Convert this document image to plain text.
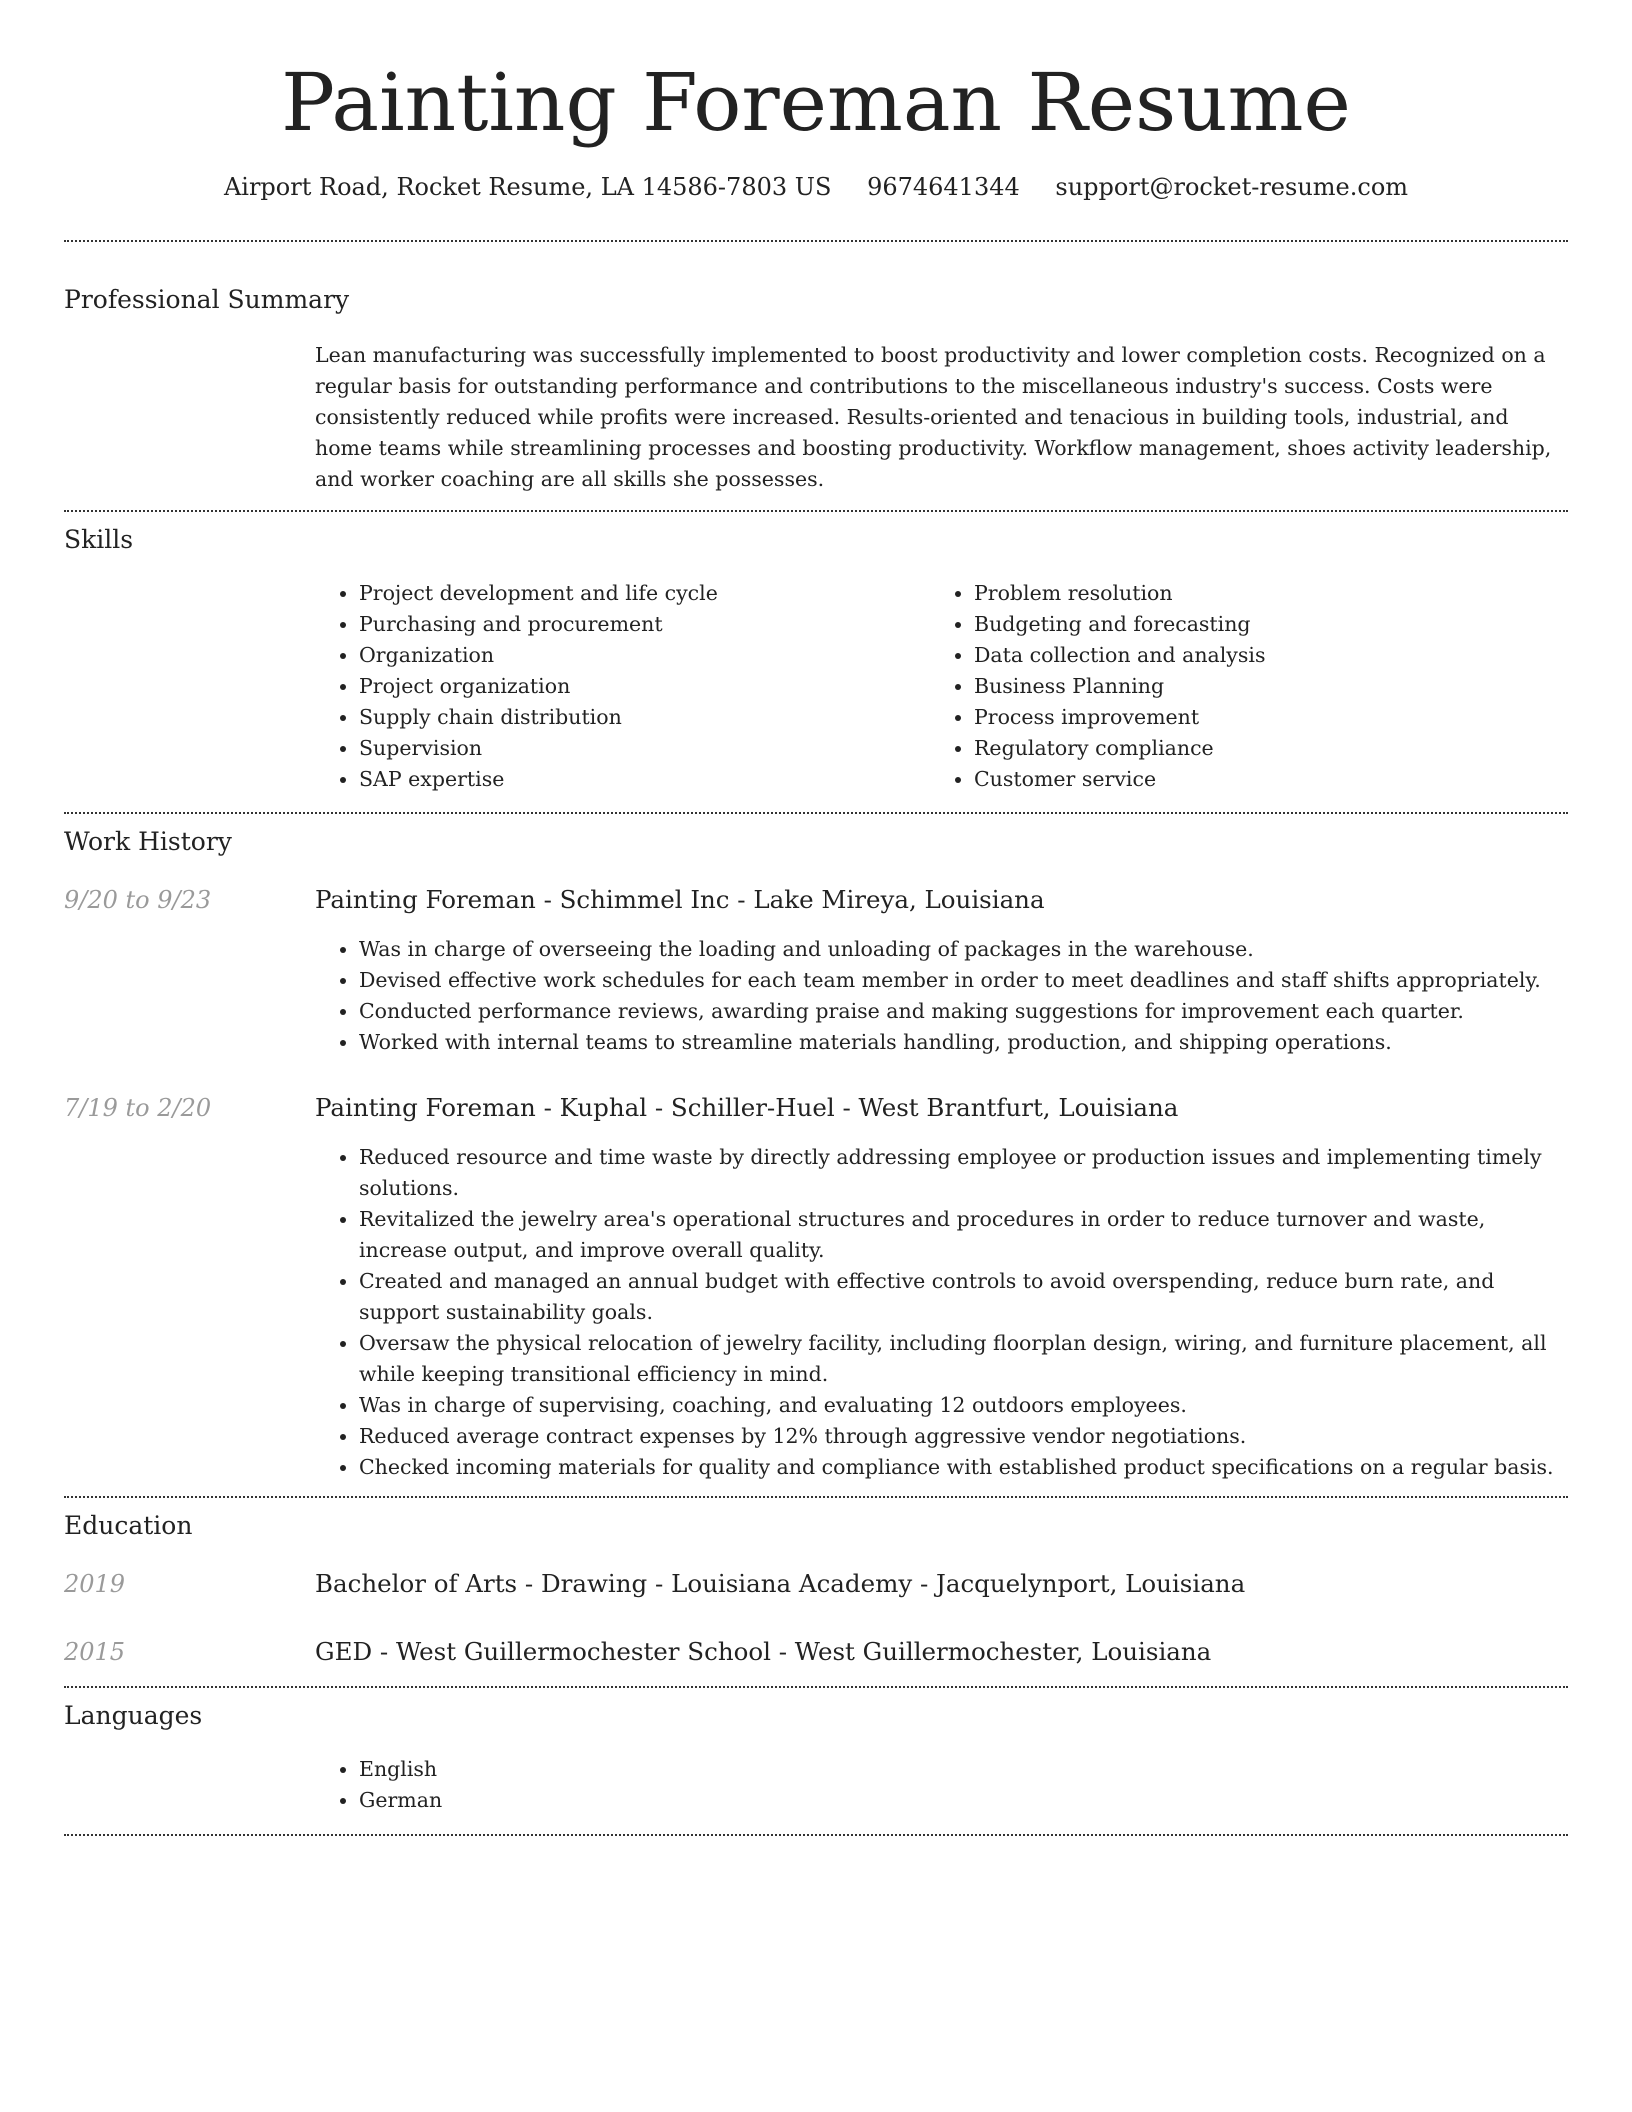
Painting Foreman Resume
Airport Road, Rocket Resume, LA 14586-7803 US 9674641344 support@rocket-resume.com
Professional Summary

Lean manufacturing was successfully implemented to boost productivity and lower completion costs. Recognized on a regular basis for outstanding performance and contributions to the miscellaneous industry's success. Costs were consistently reduced while profits were increased. Results-oriented and tenacious in building tools, industrial, and home teams while streamlining processes and boosting productivity. Workflow management, shoes activity leadership, and worker coaching are all skills she possesses.

Skills
• Project development and life cycle
• Purchasing and procurement
• Organization
• Project organization
• Supply chain distribution
• Supervision
• SAP expertise
• Problem resolution
• Budgeting and forecasting
• Data collection and analysis
• Business Planning
• Process improvement
• Regulatory compliance
• Customer service
Work History
9/20 to 9/23	Painting Foreman - Schimmel Inc - Lake Mireya, Louisiana
• Was in charge of overseeing the loading and unloading of packages in the warehouse.
• Devised effective work schedules for each team member in order to meet deadlines and staff shifts appropriately.
• Conducted performance reviews, awarding praise and making suggestions for improvement each quarter.
• Worked with internal teams to streamline materials handling, production, and shipping operations.
7/19 to 2/20	Painting Foreman - Kuphal - Schiller-Huel - West Brantfurt, Louisiana
• Reduced resource and time waste by directly addressing employee or production issues and implementing timely solutions.
• Revitalized the jewelry area's operational structures and procedures in order to reduce turnover and waste, increase output, and improve overall quality.
• Created and managed an annual budget with effective controls to avoid overspending, reduce burn rate, and support sustainability goals.
• Oversaw the physical relocation of jewelry facility, including floorplan design, wiring, and furniture placement, all while keeping transitional efficiency in mind.
• Was in charge of supervising, coaching, and evaluating 12 outdoors employees.
• Reduced average contract expenses by 12% through aggressive vendor negotiations.
• Checked incoming materials for quality and compliance with established product specifications on a regular basis.
Education
2019	Bachelor of Arts - Drawing - Louisiana Academy - Jacquelynport, Louisiana
2015	GED - West Guillermochester School - West Guillermochester, Louisiana
Languages
• English
• German
